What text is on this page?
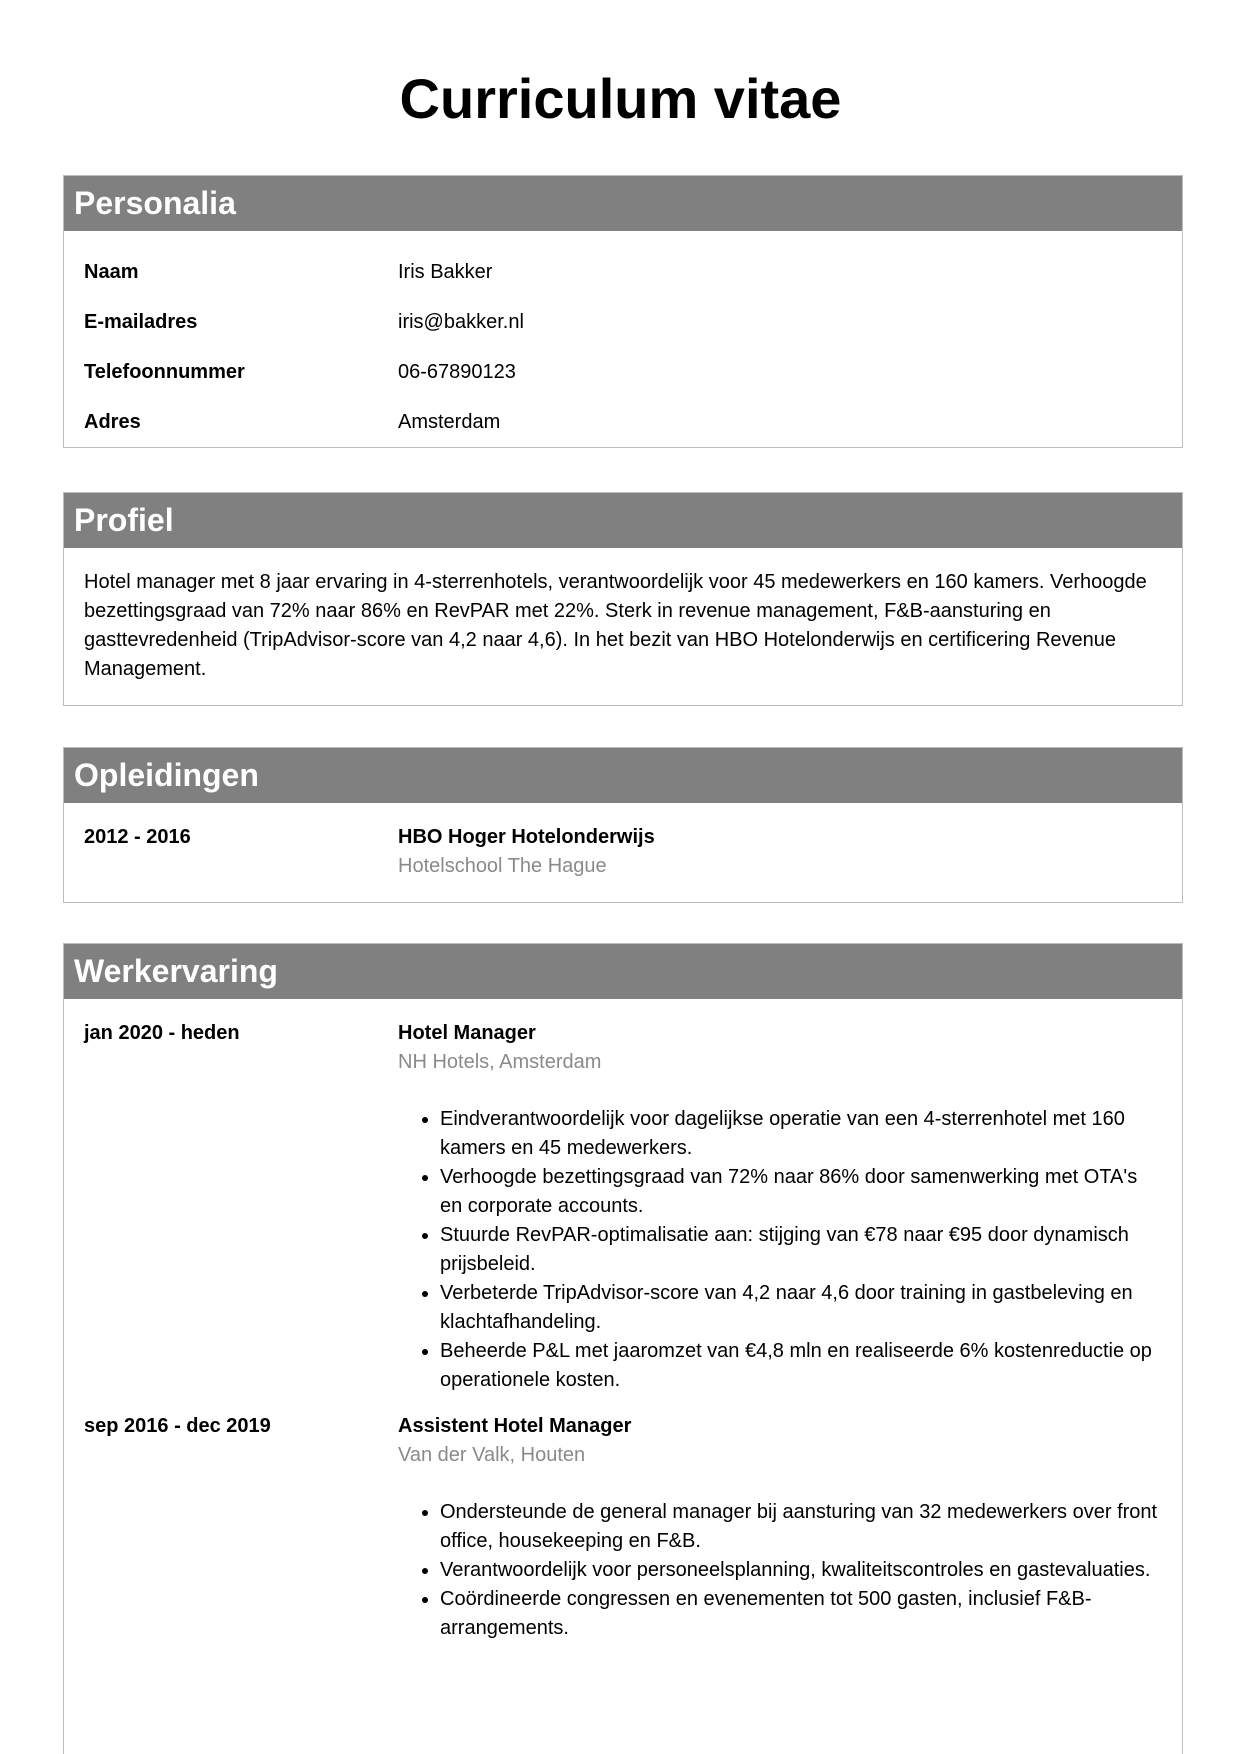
Curriculum vitae
Personalia
Naam	Iris Bakker
E-mailadres	iris@bakker.nl
Telefoonnummer	06-67890123
Adres	Amsterdam
Profiel

Hotel manager met 8 jaar ervaring in 4-sterrenhotels, verantwoordelijk voor 45 medewerkers en 160 kamers. Verhoogde bezettingsgraad van 72% naar 86% en RevPAR met 22%. Sterk in revenue management, F&B-aansturing en gasttevredenheid (TripAdvisor-score van 4,2 naar 4,6). In het bezit van HBO Hotelonderwijs en certificering Revenue Management.

Opleidingen
2012 - 2016	HBO Hoger Hotelonderwijs
Hotelschool The Hague
Werkervaring
jan 2020 - heden	Hotel Manager
NH Hotels, Amsterdam
• Eindverantwoordelijk voor dagelijkse operatie van een 4-sterrenhotel met 160 kamers en 45 medewerkers.
• Verhoogde bezettingsgraad van 72% naar 86% door samenwerking met OTA's en corporate accounts.
• Stuurde RevPAR-optimalisatie aan: stijging van €78 naar €95 door dynamisch prijsbeleid.
• Verbeterde TripAdvisor-score van 4,2 naar 4,6 door training in gastbeleving en klachtafhandeling.
• Beheerde P&L met jaaromzet van €4,8 mln en realiseerde 6% kostenreductie op operationele kosten.
sep 2016 - dec 2019	Assistent Hotel Manager
Van der Valk, Houten
• Ondersteunde de general manager bij aansturing van 32 medewerkers over front office, housekeeping en F&B.
• Verantwoordelijk voor personeelsplanning, kwaliteitscontroles en gastevaluaties.
• Coördineerde congressen en evenementen tot 500 gasten, inclusief F&B-arrangements.
